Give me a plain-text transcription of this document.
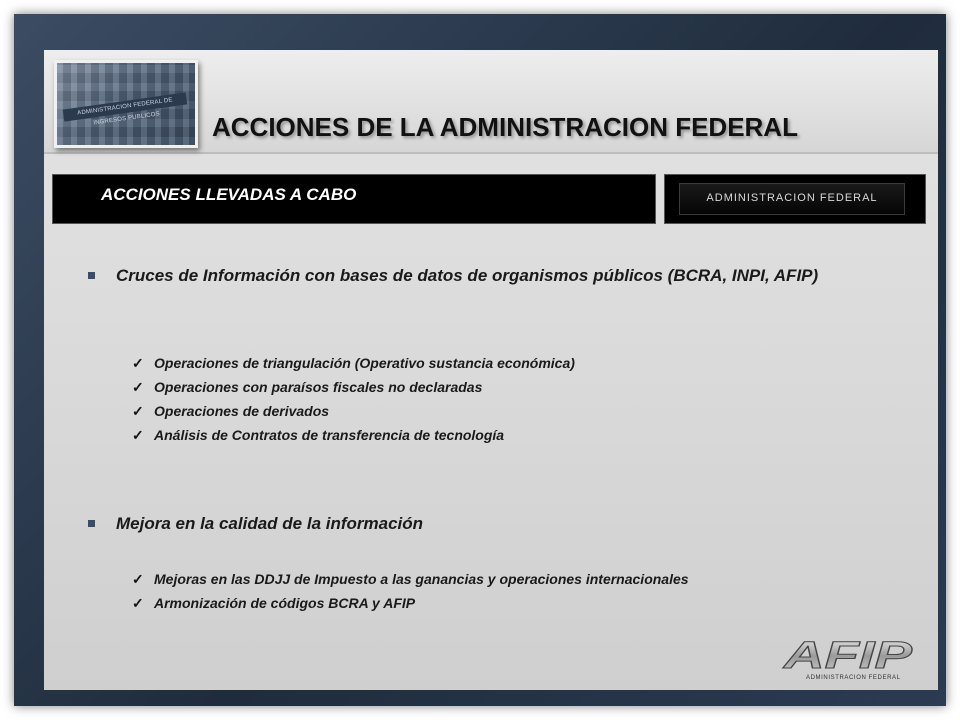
ADMINISTRACION FEDERAL DE INGRESOS PUBLICOS	ACCIONES DE LA ADMINISTRACION FEDERAL
ACCIONES LLEVADAS A CABO	ADMINISTRACION FEDERAL
Cruces de Información con bases de datos de organismos públicos (BCRA, INPI, AFIP)
✓ Operaciones de triangulación (Operativo sustancia económica)
✓ Operaciones con paraísos fiscales no declaradas
✓ Operaciones de derivados
✓ Análisis de Contratos de transferencia de tecnología
Mejora en la calidad de la información
✓ Mejoras en las DDJJ de Impuesto a las ganancias y operaciones internacionales
✓ Armonización de códigos BCRA y AFIP
AFIP
ADMINISTRACION FEDERAL
